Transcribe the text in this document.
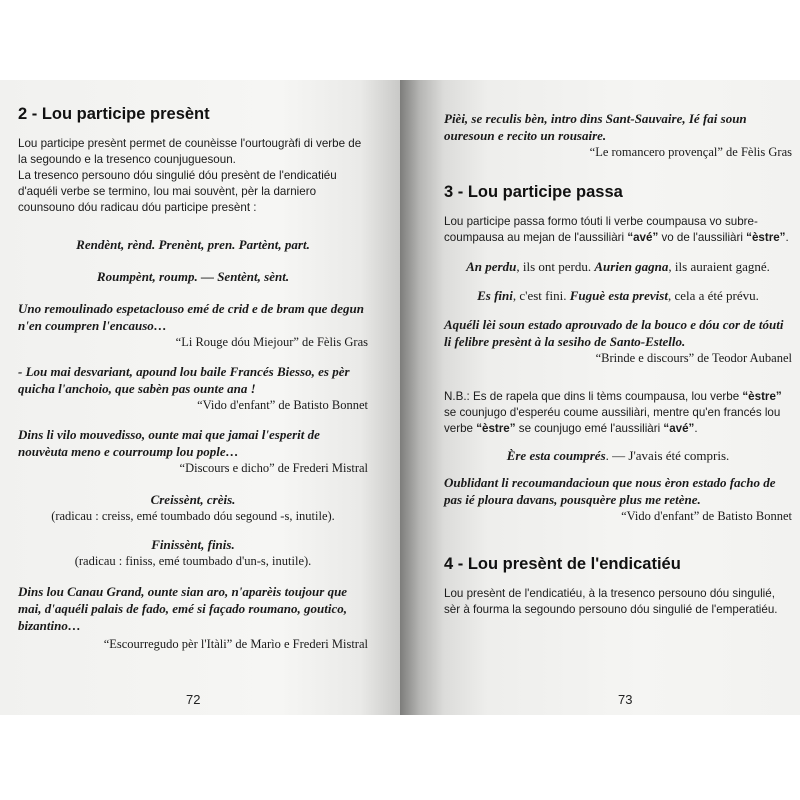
2 - Lou participe presènt

Lou participe presènt permet de counèisse l'ourtougràfi di verbe de la segoundo e la tresenco counjuguesoun.

La tresenco persouno dóu singulié dóu presènt de l'endicatiéu d'aquéli verbe se termino, lou mai souvènt, pèr la darniero counsouno dóu radicau dóu participe presènt :

Rendènt, rènd. Prenènt, pren. Partènt, part.

Roumpènt, roump. — Sentènt, sènt.

Uno remoulinado espetaclouso emé de crid e de bram que degun n'en coumpren l'encauso…

“Li Rouge dóu Miejour” de Fèlis Gras

- Lou mai desvariant, apound lou baile Francés Biesso, es pèr quicha l'anchoio, que sabèn pas ounte ana !

“Vido d'enfant” de Batisto Bonnet

Dins li vilo mouvedisso, ounte mai que jamai l'esperit de nouvèuta meno e courroump lou pople…

“Discours e dicho” de Frederi Mistral

Creissènt, crèis.

(radicau : creiss, emé toumbado dóu segound -s, inutile).

Finissènt, finis.

(radicau : finiss, emé toumbado d'un-s, inutile).

Dins lou Canau Grand, ounte sian aro, n'aparèis toujour que mai, d'aquéli palais de fado, emé si façado roumano, goutico, bizantino…

“Escourregudo pèr l'Itàli” de Marìo e Frederi Mistral

72

Pièi, se reculis bèn, intro dins Sant-Sauvaire, Ié fai soun ouresoun e recito un rousaire.

“Le romancero provençal” de Fèlis Gras

3 - Lou participe passa

Lou participe passa formo tóuti li verbe coumpausa vo subre-coumpausa au mejan de l'aussiliàri “avé” vo de l'aussiliàri “èstre”.

An perdu, ils ont perdu. Aurien gagna, ils auraient gagné.

Es fini, c'est fini. Fuguè esta previst, cela a été prévu.

Aquéli lèi soun estado aprouvado de la bouco e dóu cor de tóuti li felibre presènt à la sesiho de Santo-Estello.

“Brinde e discours” de Teodor Aubanel

N.B.: Es de rapela que dins li tèms coumpausa, lou verbe “èstre” se counjugo d'esperéu coume aussiliàri, mentre qu'en francés lou verbe “èstre” se counjugo emé l'aussiliàri “avé”.

Ère esta coumprés. — J'avais été compris.

Oublidant li recoumandacioun que nous èron estado facho de pas ié ploura davans, pousquère plus me retène.

“Vido d'enfant” de Batisto Bonnet

4 - Lou presènt de l'endicatiéu

Lou presènt de l'endicatiéu, à la tresenco persouno dóu singulié, sèr à fourma la segoundo persouno dóu singulié de l'emperatiéu.

73
